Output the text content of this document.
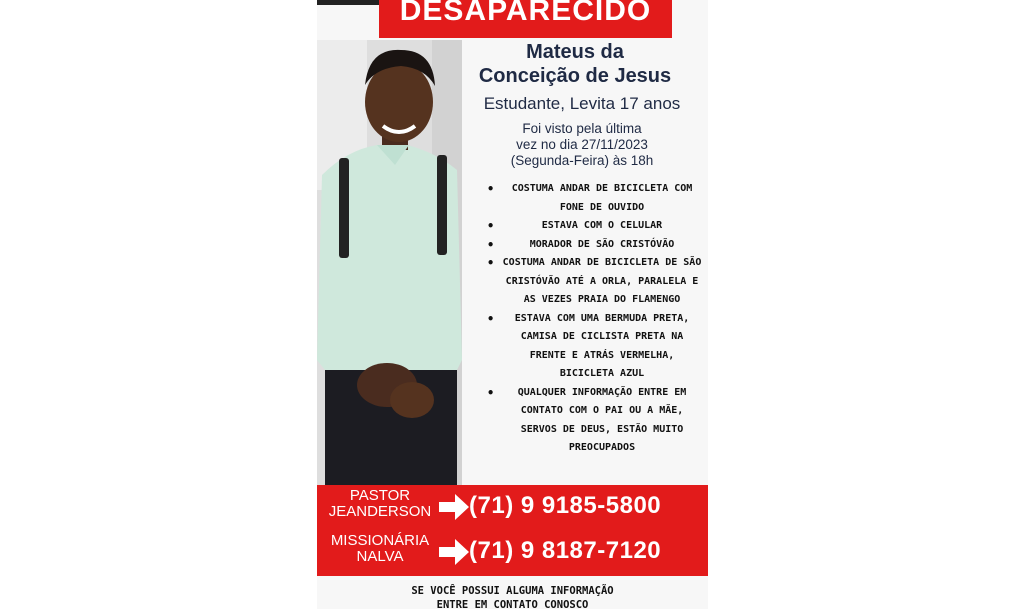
DESAPARECIDO
Mateus da
Conceição de Jesus
Estudante, Levita 17 anos
Foi visto pela última
vez no dia 27/11/2023
(Segunda-Feira) às 18h
• COSTUMA ANDAR DE BICICLETA COM FONE DE OUVIDO
• ESTAVA COM O CELULAR
• MORADOR DE SÃO CRISTÓVÃO
• COSTUMA ANDAR DE BICICLETA DE SÃO CRISTÓVÃO ATÉ A ORLA, PARALELA E AS VEZES PRAIA DO FLAMENGO
• ESTAVA COM UMA BERMUDA PRETA, CAMISA DE CICLISTA PRETA NA FRENTE E ATRÁS VERMELHA, BICICLETA AZUL
• QUALQUER INFORMAÇÃO ENTRE EM CONTATO COM O PAI OU A MÃE, SERVOS DE DEUS, ESTÃO MUITO PREOCUPADOS
PASTOR
JEANDERSON	(71) 9 9185-5800
MISSIONÁRIA
NALVA	(71) 9 8187-7120
SE VOCÊ POSSUI ALGUMA INFORMAÇÃO
ENTRE EM CONTATO CONOSCO
